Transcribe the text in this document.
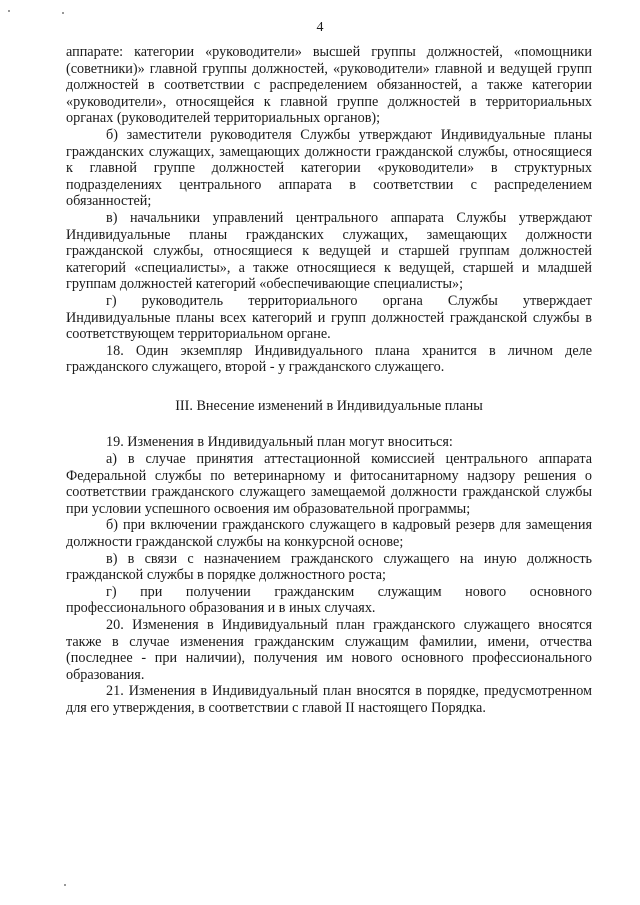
4

аппарате: категории «руководители» высшей группы должностей, «помощники (советники)» главной группы должностей, «руководители» главной и ведущей групп должностей в соответствии с распределением обязанностей, а также категории «руководители», относящейся к главной группе должностей в территориальных органах (руководителей территориальных органов);

б) заместители руководителя Службы утверждают Индивидуальные планы гражданских служащих, замещающих должности гражданской службы, относящиеся к главной группе должностей категории «руководители» в структурных подразделениях центрального аппарата в соответствии с распределением обязанностей;

в) начальники управлений центрального аппарата Службы утверждают Индивидуальные планы гражданских служащих, замещающих должности гражданской службы, относящиеся к ведущей и старшей группам должностей категорий «специалисты», а также относящиеся к ведущей, старшей и младшей группам должностей категорий «обеспечивающие специалисты»;

г) руководитель территориального органа Службы утверждает Индивидуальные планы всех категорий и групп должностей гражданской службы в соответствующем территориальном органе.

18. Один экземпляр Индивидуального плана хранится в личном деле гражданского служащего, второй - у гражданского служащего.

III. Внесение изменений в Индивидуальные планы

19. Изменения в Индивидуальный план могут вноситься:

а) в случае принятия аттестационной комиссией центрального аппарата Федеральной службы по ветеринарному и фитосанитарному надзору решения о соответствии гражданского служащего замещаемой должности гражданской службы при условии успешного освоения им образовательной программы;

б) при включении гражданского служащего в кадровый резерв для замещения должности гражданской службы на конкурсной основе;

в) в связи с назначением гражданского служащего на иную должность гражданской службы в порядке должностного роста;

г) при получении гражданским служащим нового основного профессионального образования и в иных случаях.

20. Изменения в Индивидуальный план гражданского служащего вносятся также в случае изменения гражданским служащим фамилии, имени, отчества (последнее - при наличии), получения им нового основного профессионального образования.

21. Изменения в Индивидуальный план вносятся в порядке, предусмотренном для его утверждения, в соответствии с главой II настоящего Порядка.
